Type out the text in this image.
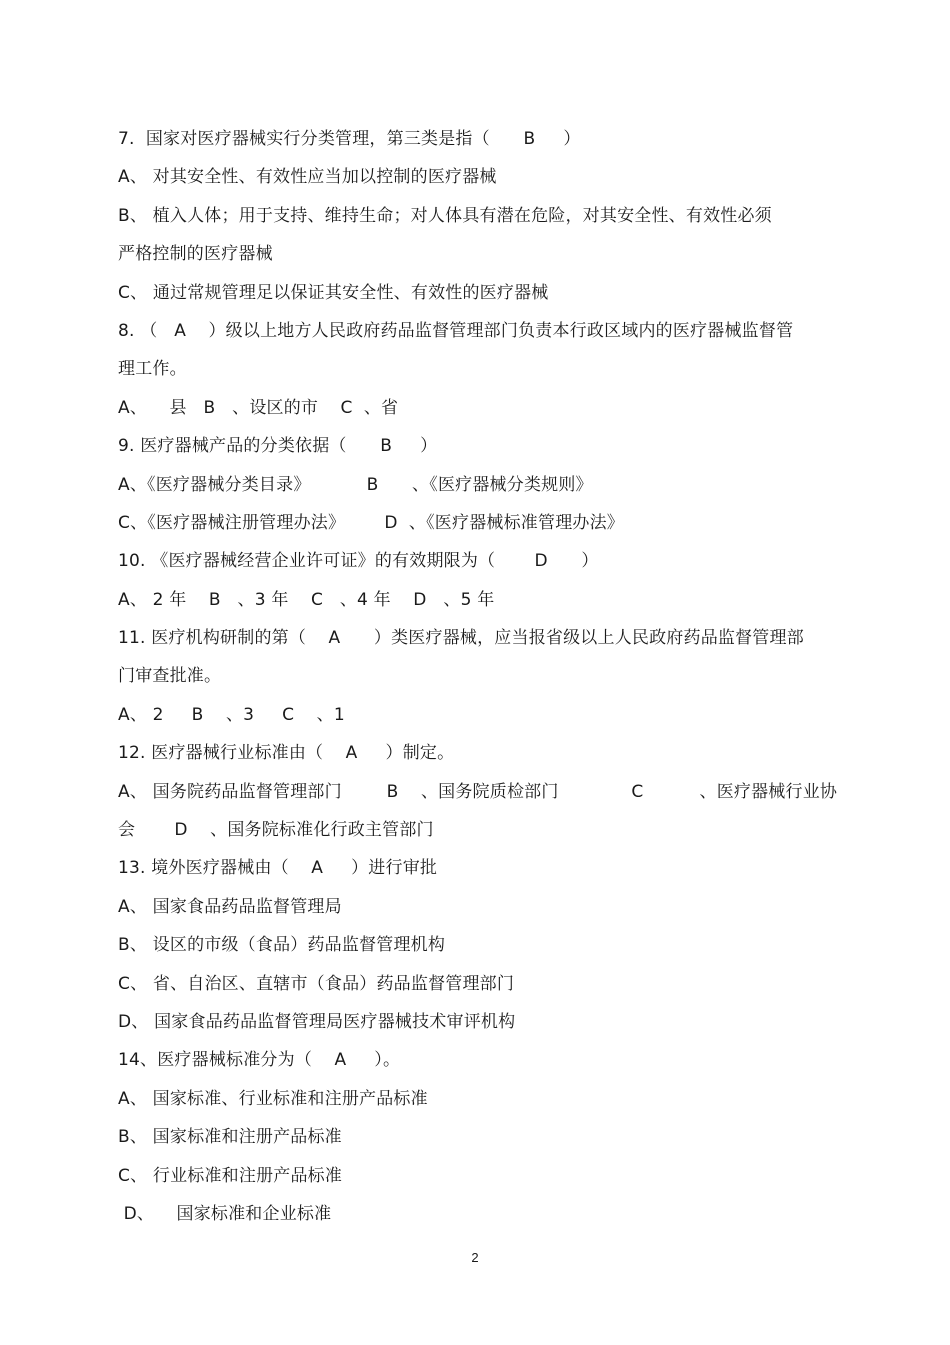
7.  国家对医疗器械实行分类管理，第三类是指（      B     ）
A、 对其安全性、有效性应当加以控制的医疗器械
B、 植入人体；用于支持、维持生命；对人体具有潜在危险，对其安全性、有效性必须
严格控制的医疗器械
C、 通过常规管理足以保证其安全性、有效性的医疗器械
8. （   A    ）级以上地方人民政府药品监督管理部门负责本行政区域内的医疗器械监督管
理工作。
A、    县   B   、设区的市    C  、省
9. 医疗器械产品的分类依据（      B     ）
A、《医疗器械分类目录》          B      、《医疗器械分类规则》
C、《医疗器械注册管理办法》       D  、《医疗器械标准管理办法》
10. 《医疗器械经营企业许可证》的有效期限为（       D      ）
A、 2 年    B   、3 年    C   、4 年    D   、5 年
11. 医疗机构研制的第（    A      ）类医疗器械，应当报省级以上人民政府药品监督管理部
门审查批准。
A、 2     B    、3     C    、1
12. 医疗器械行业标准由（    A     ）制定。
A、 国务院药品监督管理部门        B    、国务院质检部门             C          、医疗器械行业协
会       D    、国务院标准化行政主管部门
13. 境外医疗器械由（    A     ）进行审批
A、 国家食品药品监督管理局
B、 设区的市级（食品）药品监督管理机构
C、 省、自治区、直辖市（食品）药品监督管理部门
D、 国家食品药品监督管理局医疗器械技术审评机构
14、医疗器械标准分为（    A     ）。
A、 国家标准、行业标准和注册产品标准
B、 国家标准和注册产品标准
C、 行业标准和注册产品标准
D、    国家标准和企业标准
2
